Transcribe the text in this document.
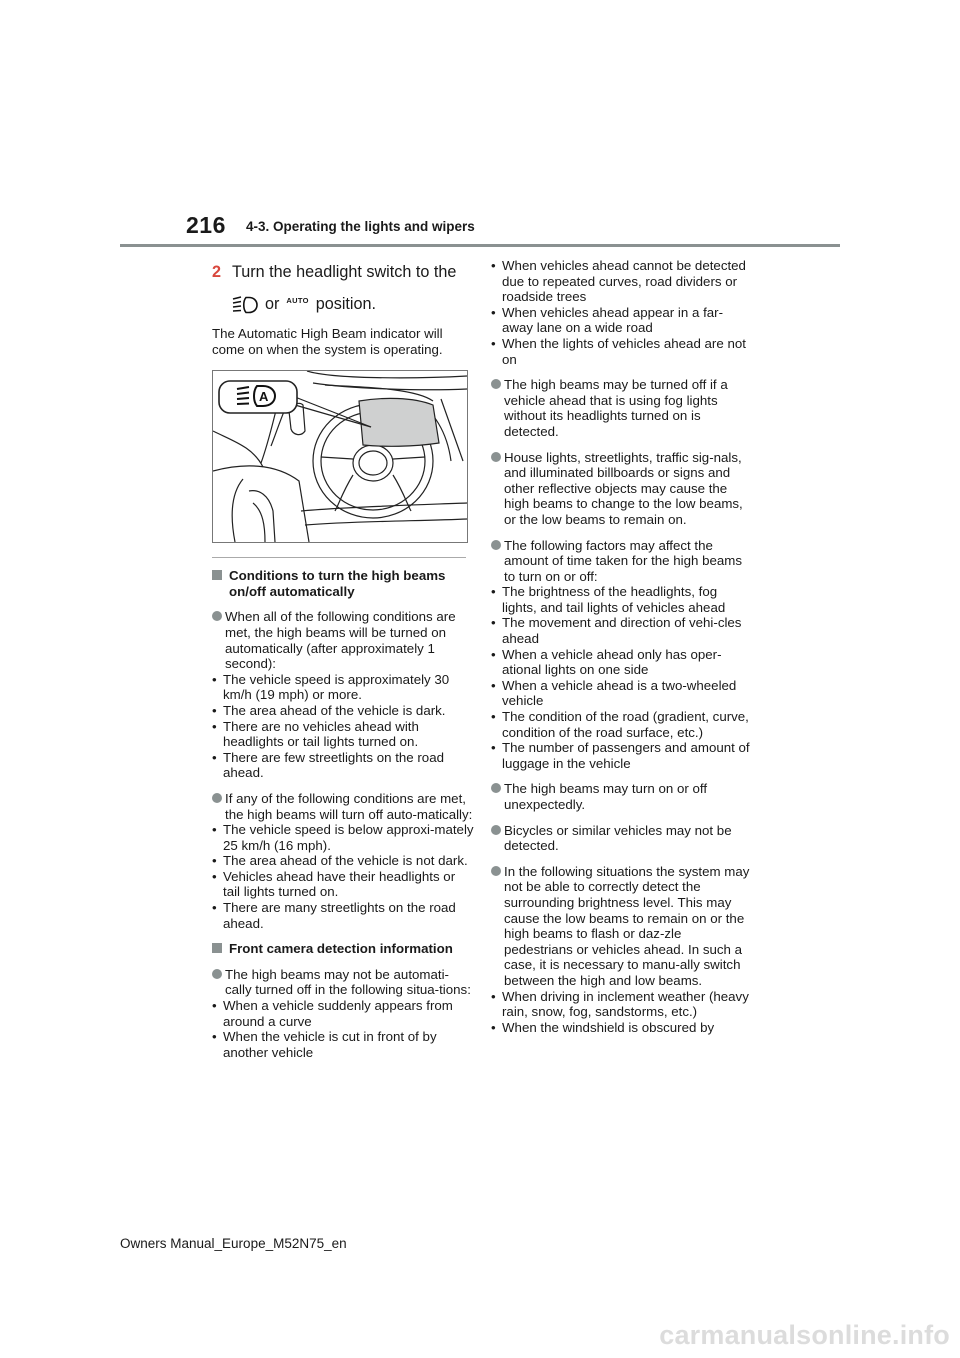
216 4-3. Operating the lights and wipers
2 Turn the headlight switch to the
or AUTO position.

The Automatic High Beam indicator will come on when the system is operating.

A
Conditions to turn the high beams on/off automatically
When all of the following conditions are met, the high beams will be turned on automatically (after approximately 1 second):
• The vehicle speed is approximately 30 km/h (19 mph) or more.
• The area ahead of the vehicle is dark.
• There are no vehicles ahead with headlights or tail lights turned on.
• There are few streetlights on the road ahead.
If any of the following conditions are met, the high beams will turn off auto-matically:
• The vehicle speed is below approxi-mately 25 km/h (16 mph).
• The area ahead of the vehicle is not dark.
• Vehicles ahead have their headlights or tail lights turned on.
• There are many streetlights on the road ahead.
Front camera detection information
The high beams may not be automati-cally turned off in the following situa-tions:
• When a vehicle suddenly appears from around a curve
• When the vehicle is cut in front of by another vehicle
• When vehicles ahead cannot be detected due to repeated curves, road dividers or roadside trees
• When vehicles ahead appear in a far-away lane on a wide road
• When the lights of vehicles ahead are not on
The high beams may be turned off if a vehicle ahead that is using fog lights without its headlights turned on is detected.
House lights, streetlights, traffic sig-nals, and illuminated billboards or signs and other reflective objects may cause the high beams to change to the low beams, or the low beams to remain on.
The following factors may affect the amount of time taken for the high beams to turn on or off:
• The brightness of the headlights, fog lights, and tail lights of vehicles ahead
• The movement and direction of vehi-cles ahead
• When a vehicle ahead only has oper-ational lights on one side
• When a vehicle ahead is a two-wheeled vehicle
• The condition of the road (gradient, curve, condition of the road surface, etc.)
• The number of passengers and amount of luggage in the vehicle
The high beams may turn on or off unexpectedly.
Bicycles or similar vehicles may not be detected.
In the following situations the system may not be able to correctly detect the surrounding brightness level. This may cause the low beams to remain on or the high beams to flash or daz-zle pedestrians or vehicles ahead. In such a case, it is necessary to manu-ally switch between the high and low beams.
• When driving in inclement weather (heavy rain, snow, fog, sandstorms, etc.)
• When the windshield is obscured by
Owners Manual_Europe_M52N75_en
carmanualsonline.info
